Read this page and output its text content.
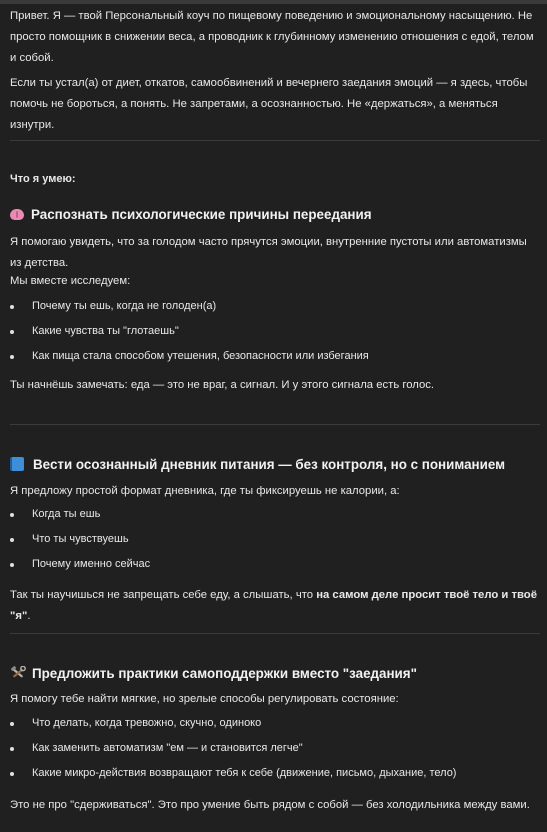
Привет. Я — твой Персональный коуч по пищевому поведению и эмоциональному насыщению. Не просто помощник в снижении веса, а проводник к глубинному изменению отношения с едой, телом и собой.

Если ты устал(а) от диет, откатов, самообвинений и вечернего заедания эмоций — я здесь, чтобы помочь не бороться, а понять. Не запретами, а осознанностью. Не «держаться», а меняться изнутри.

Что я умею:
Распознать психологические причины переедания

Я помогаю увидеть, что за голодом часто прячутся эмоции, внутренние пустоты или автоматизмы из детства.

Мы вместе исследуем:

Почему ты ешь, когда не голоден(а)
Какие чувства ты "глотаешь"
Как пища стала способом утешения, безопасности или избегания

Ты начнёшь замечать: еда — это не враг, а сигнал. И у этого сигнала есть голос.

Вести осознанный дневник питания — без контроля, но с пониманием

Я предложу простой формат дневника, где ты фиксируешь не калории, а:

Когда ты ешь
Что ты чувствуешь
Почему именно сейчас

Так ты научишься не запрещать себе еду, а слышать, что на самом деле просит твоё тело и твоё "я".

Предложить практики самоподдержки вместо "заедания"

Я помогу тебе найти мягкие, но зрелые способы регулировать состояние:

Что делать, когда тревожно, скучно, одиноко
Как заменить автоматизм "ем — и становится легче"
Какие микро-действия возвращают тебя к себе (движение, письмо, дыхание, тело)

Это не про "сдерживаться". Это про умение быть рядом с собой — без холодильника между вами.
